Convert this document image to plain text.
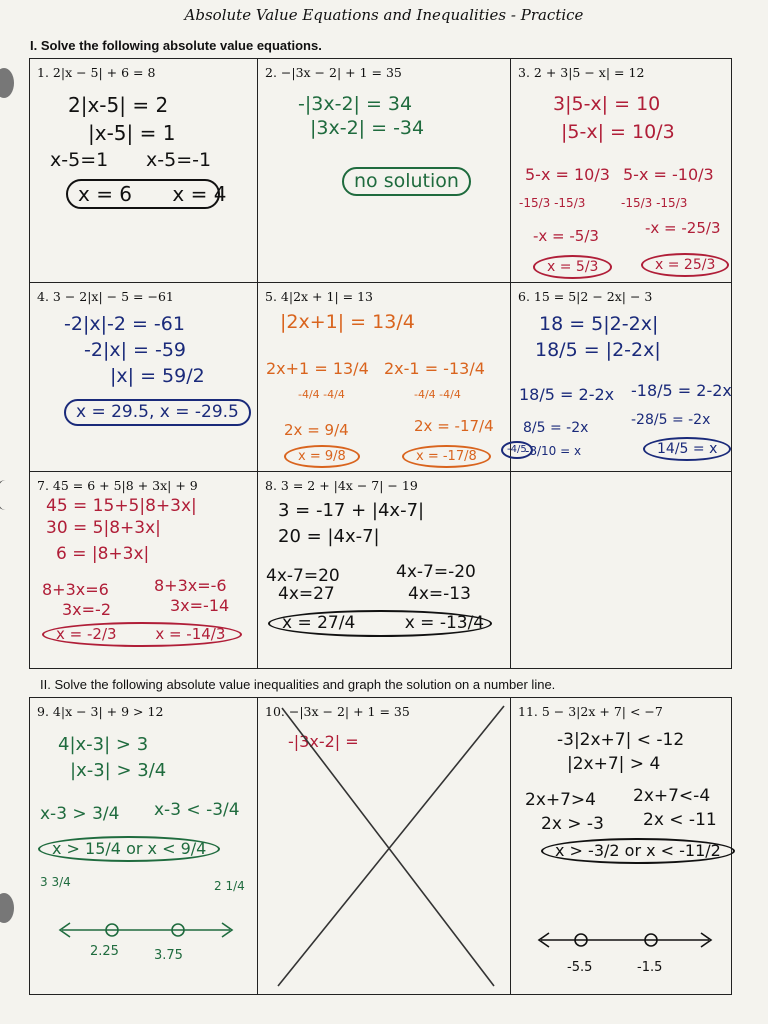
Absolute Value Equations and Inequalities - Practice
I. Solve the following absolute value equations.
1. 2|x − 5| + 6 = 8
2|x-5| = 2
|x-5| = 1
x-5=1 x-5=-1
x = 6 x = 4
2. −|3x − 2| + 1 = 35
-|3x-2| = 34
|3x-2| = -34
no solution
3. 2 + 3|5 − x| = 12
3|5-x| = 10
|5-x| = 10/3
5-x = 10/3 5-x = -10/3
-15/3 -15/3	-15/3 -15/3
-x = -5/3	-x = -25/3
x = 5/3	x = 25/3
4. 3 − 2|x| − 5 = −61
-2|x|-2 = -61
-2|x| = -59
|x| = 59/2
x = 29.5, x = -29.5
5. 4|2x + 1| = 13
|2x+1| = 13/4
2x+1 = 13/4 2x-1 = -13/4
-4/4 -4/4	-4/4 -4/4
2x = 9/4	2x = -17/4
x = 9/8	x = -17/8
6. 15 = 5|2 − 2x| − 3
18 = 5|2-2x|
18/5 = |2-2x|
18/5 = 2-2x -18/5 = 2-2x
8/5 = -2x	-28/5 = -2x
-8/10 = x
-4/5	14/5 = x
7. 45 = 6 + 5|8 + 3x| + 9
45 = 15+5|8+3x|
30 = 5|8+3x|
6 = |8+3x|
8+3x=6	8+3x=-6
3x=-2	3x=-14
x = -2/3	x = -14/3
8. 3 = 2 + |4x − 7| − 19
3 = -17 + |4x-7|
20 = |4x-7|
4x-7=20	4x-7=-20
4x=27	4x=-13
x = 27/4	x = -13/4
II. Solve the following absolute value inequalities and graph the solution on a number line.
9. 4|x − 3| + 9 > 12
4|x-3| > 3
|x-3| > 3/4
x-3 > 3/4 x-3 < -3/4
x > 15/4 or x < 9/4
3 3/4	2 1/4
2.25	3.75
10. −|3x − 2| + 1 = 35
-|3x-2| =
11. 5 − 3|2x + 7| < −7
-3|2x+7| < -12
|2x+7| > 4
2x+7>4 2x+7<-4
2x > -3 2x < -11
x > -3/2 or x < -11/2
-5.5	-1.5
